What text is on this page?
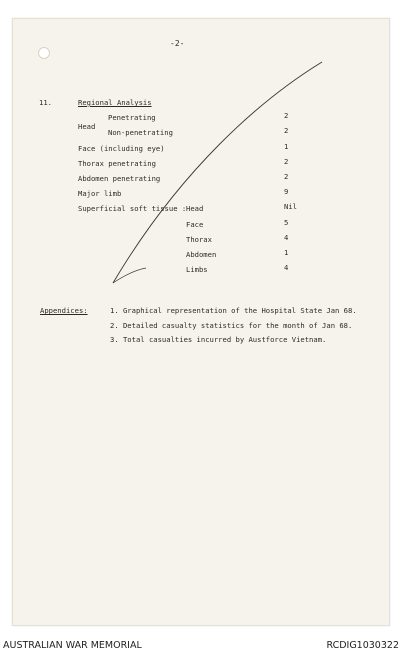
-2-
11.	Regional Analysis
Head
Penetrating	2
Non-penetrating	2
Face (including eye)	1
Thorax penetrating	2
Abdomen penetrating	2
Major limb	9
Superficial soft tissue : Head	Nil
Face	5
Thorax	4
Abdomen	1
Limbs	4
Appendices:	1. Graphical representation of the Hospital State Jan 68.
2. Detailed casualty statistics for the month of Jan 68.
3. Total casualties incurred by Austforce Vietnam.
AUSTRALIAN WAR MEMORIAL	RCDIG1030322
